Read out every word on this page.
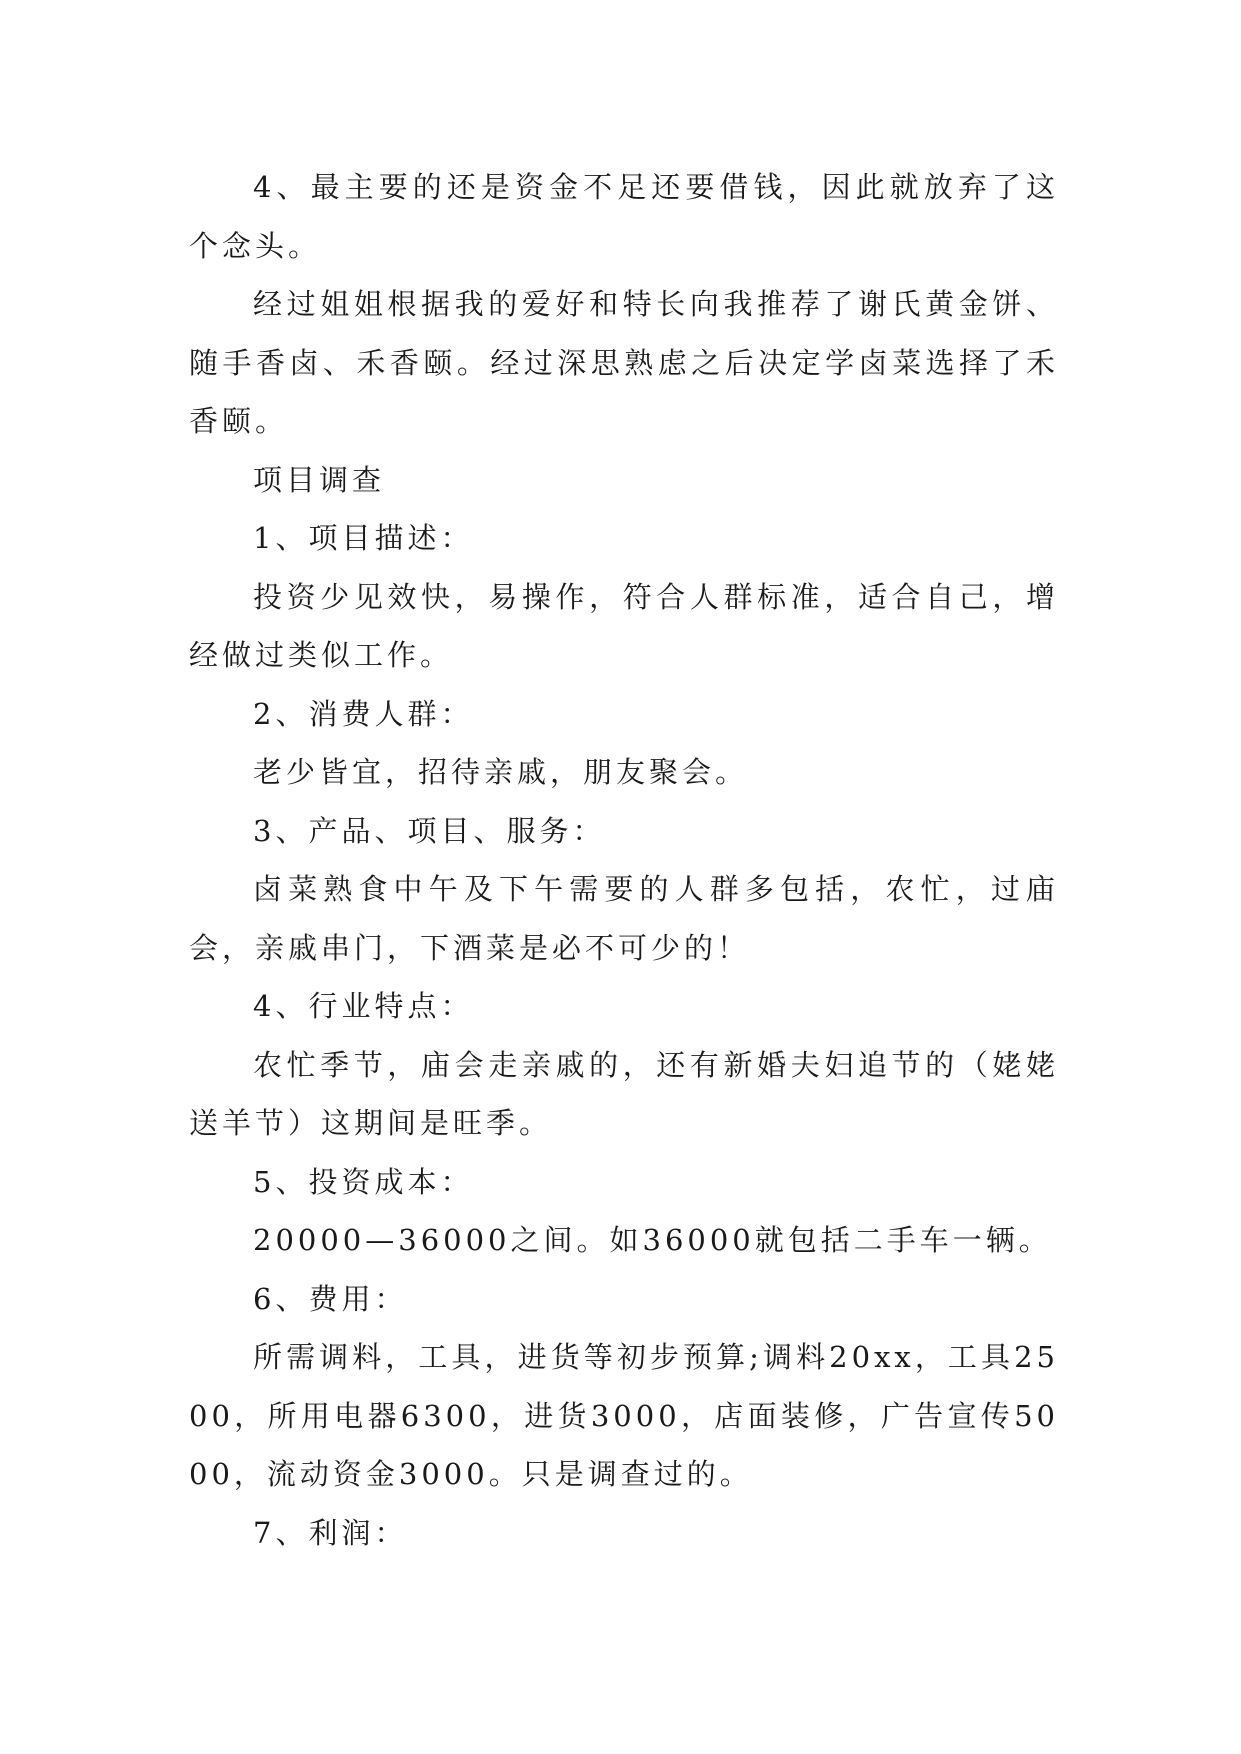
4、最主要的还是资金不足还要借钱，因此就放弃了这个念头。

经过姐姐根据我的爱好和特长向我推荐了谢氏黄金饼、随手香卤、禾香颐。经过深思熟虑之后决定学卤菜选择了禾香颐。

项目调查

1、项目描述：

投资少见效快，易操作，符合人群标准，适合自己，增经做过类似工作。

2、消费人群：

老少皆宜，招待亲戚，朋友聚会。

3、产品、项目、服务：

卤菜熟食中午及下午需要的人群多包括，农忙，过庙会，亲戚串门，下酒菜是必不可少的！

4、行业特点：

农忙季节，庙会走亲戚的，还有新婚夫妇追节的（姥姥送羊节）这期间是旺季。

5、投资成本：

20000—36000之间。如36000就包括二手车一辆。

6、费用：

所需调料，工具，进货等初步预算;调料20xx，工具2500，所用电器6300，进货3000，店面装修，广告宣传5000，流动资金3000。只是调查过的。

7、利润：
